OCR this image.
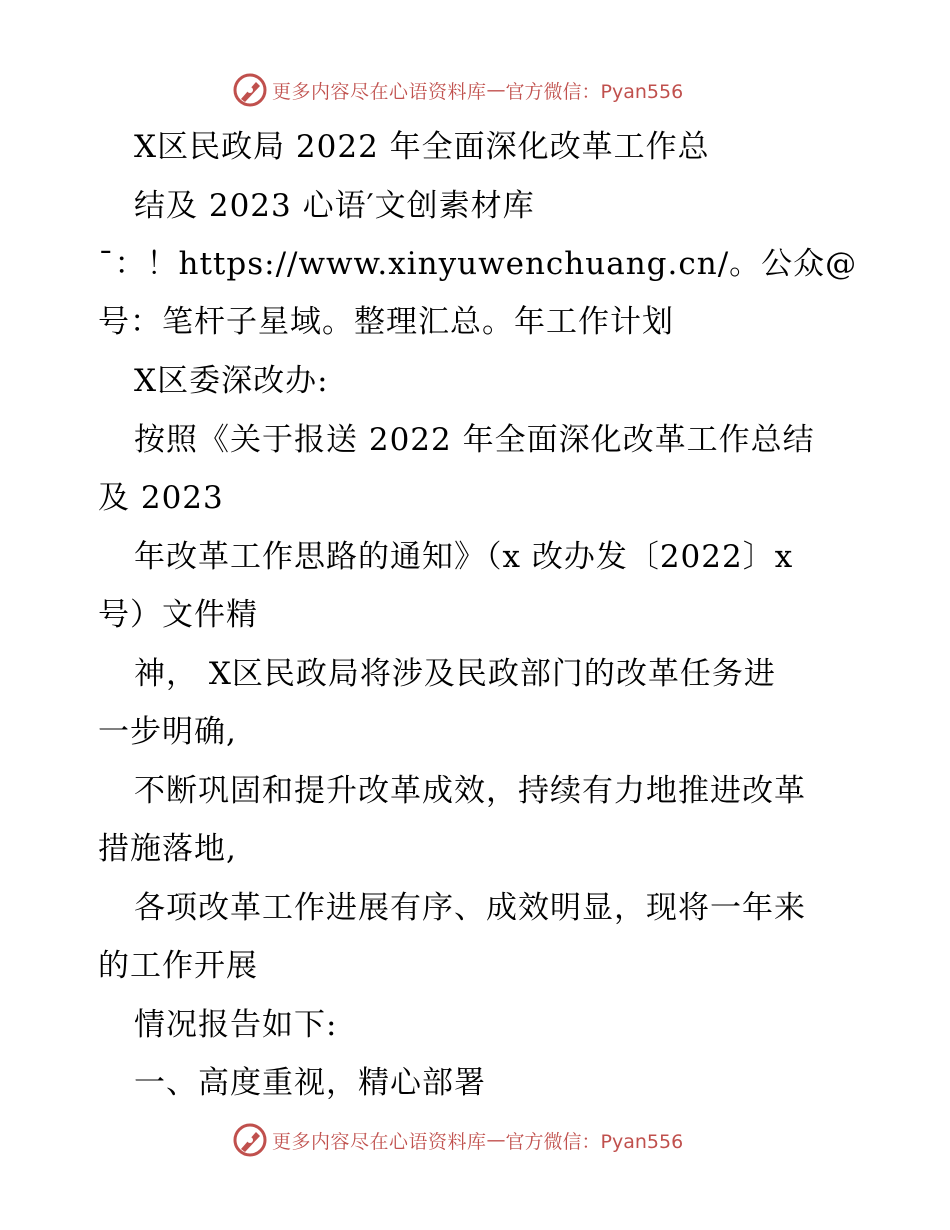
更多内容尽在心语资料库 — 官方微信：Pyan556
X区民政局 2022 年全面深化改革工作总
结及 2023 心语′文创素材库
¯：！https://www.xinyuwenchuang.cn/。公众@
号：笔杆子星域。整理汇总。年工作计划
X区委深改办:
按照《关于报送 2022 年全面深化改革工作总结
及 2023
年改革工作思路的通知》（x 改办发〔2022〕x
号）文件精
神， X区民政局将涉及民政部门的改革任务进
一步明确,
不断巩固和提升改革成效，持续有力地推进改革
措施落地,
各项改革工作进展有序、成效明显，现将一年来
的工作开展
情况报告如下:
一、高度重视，精心部署
更多内容尽在心语资料库 — 官方微信：Pyan556
